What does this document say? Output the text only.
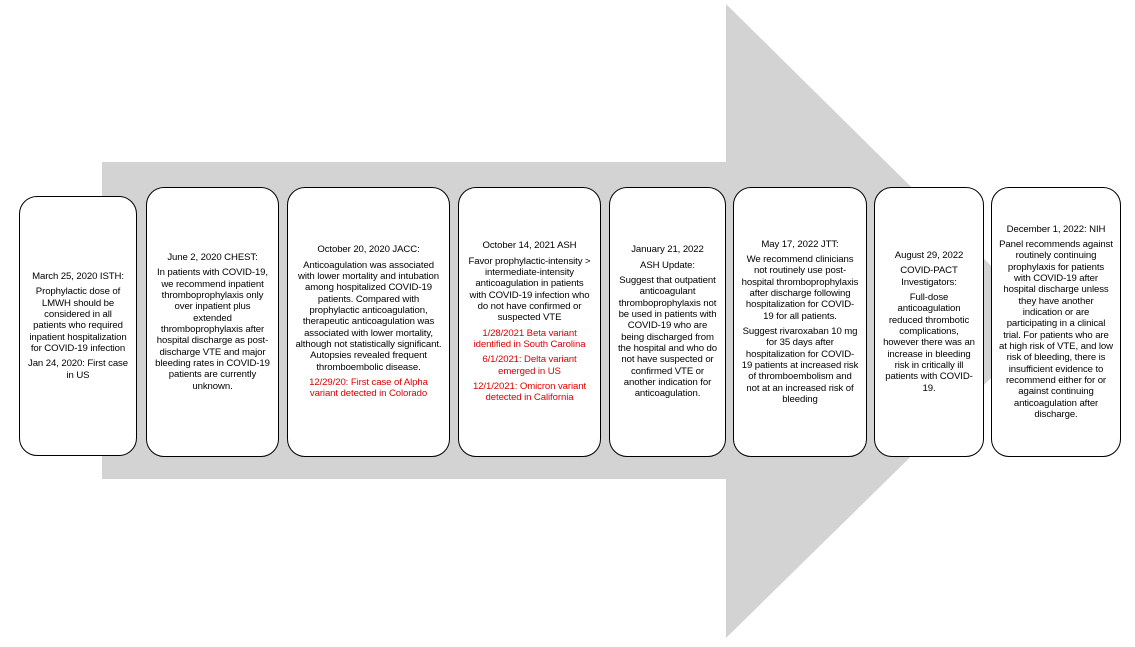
March 25, 2020 ISTH:

Prophylactic dose of LMWH should be considered in all patients who required inpatient hospitalization for COVID-19 infection

Jan 24, 2020: First case in US

June 2, 2020 CHEST:

In patients with COVID-19, we recommend inpatient thromboprophylaxis only over inpatient plus extended thromboprophylaxis after hospital discharge as post-discharge VTE and major bleeding rates in COVID-19 patients are currently unknown.

October 20, 2020 JACC:

Anticoagulation was associated with lower mortality and intubation among hospitalized COVID-19 patients. Compared with prophylactic anticoagulation, therapeutic anticoagulation was associated with lower mortality, although not statistically significant. Autopsies revealed frequent thromboembolic disease.

12/29/20: First case of Alpha variant detected in Colorado

October 14, 2021 ASH

Favor prophylactic-intensity > intermediate-intensity anticoagulation in patients with COVID-19 infection who do not have confirmed or suspected VTE

1/28/2021 Beta variant identified in South Carolina

6/1/2021: Delta variant emerged in US

12/1/2021: Omicron variant detected in California

January 21, 2022

ASH Update:

Suggest that outpatient anticoagulant thromboprophylaxis not be used in patients with COVID-19 who are being discharged from the hospital and who do not have suspected or confirmed VTE or another indication for anticoagulation.

May 17, 2022 JTT:

We recommend clinicians not routinely use post-hospital thromboprophylaxis after discharge following hospitalization for COVID-19 for all patients.

Suggest rivaroxaban 10 mg for 35 days after hospitalization for COVID-19 patients at increased risk of thromboembolism and not at an increased risk of bleeding

August 29, 2022

COVID-PACT Investigators:

Full-dose anticoagulation reduced thrombotic complications, however there was an increase in bleeding risk in critically ill patients with COVID-19.

December 1, 2022: NIH

Panel recommends against routinely continuing prophylaxis for patients with COVID-19 after hospital discharge unless they have another indication or are participating in a clinical trial. For patients who are at high risk of VTE, and low risk of bleeding, there is insufficient evidence to recommend either for or against continuing anticoagulation after discharge.
